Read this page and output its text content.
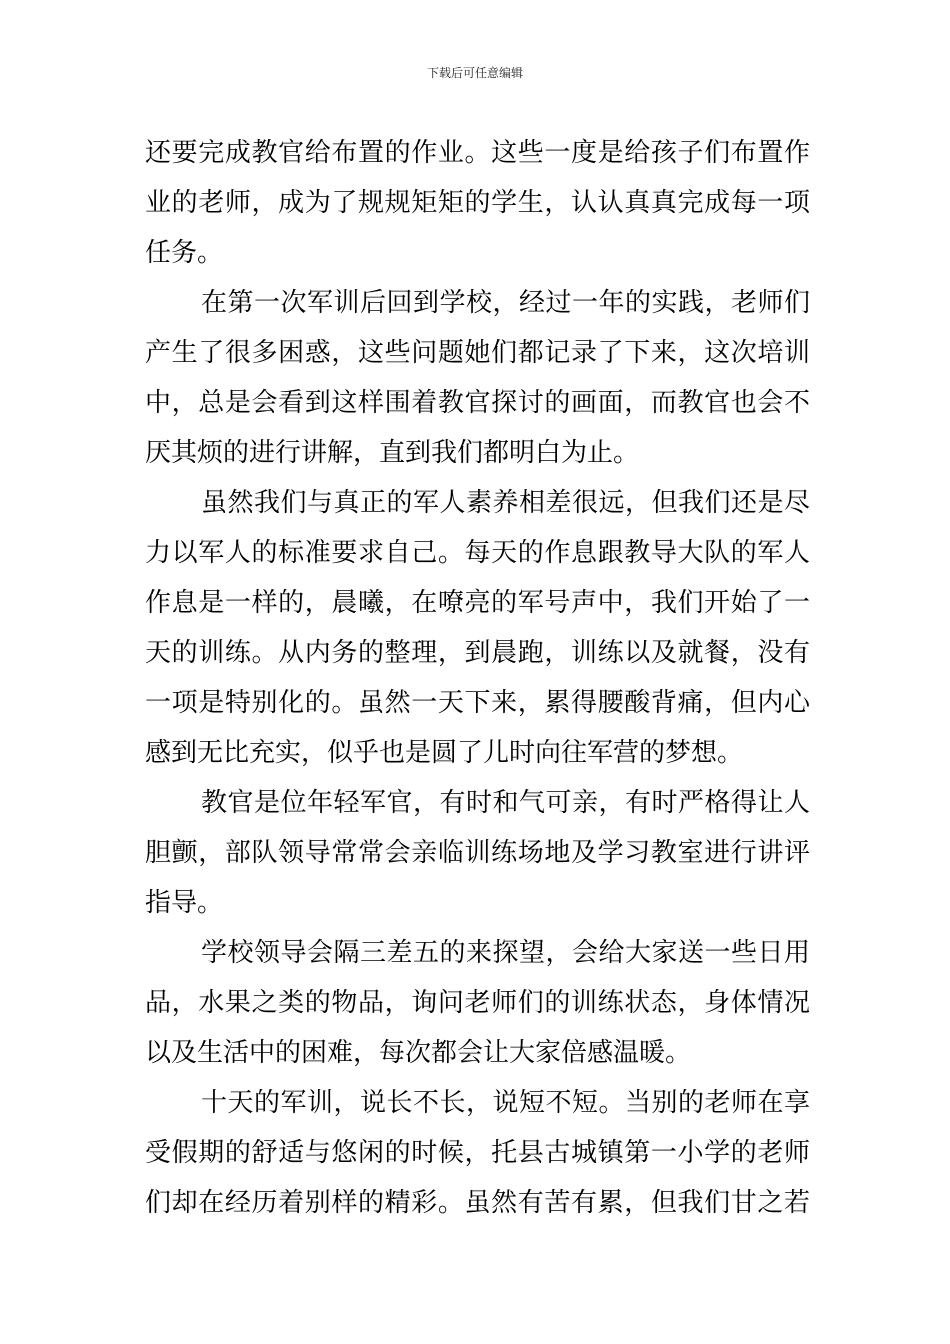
下载后可任意编辑
还要完成教官给布置的作业。这些一度是给孩子们布置作
业的老师，成为了规规矩矩的学生，认认真真完成每一项
任务。
在第一次军训后回到学校，经过一年的实践，老师们
产生了很多困惑，这些问题她们都记录了下来，这次培训
中，总是会看到这样围着教官探讨的画面，而教官也会不
厌其烦的进行讲解，直到我们都明白为止。
虽然我们与真正的军人素养相差很远，但我们还是尽
力以军人的标准要求自己。每天的作息跟教导大队的军人
作息是一样的，晨曦，在嘹亮的军号声中，我们开始了一
天的训练。从内务的整理，到晨跑，训练以及就餐，没有
一项是特别化的。虽然一天下来，累得腰酸背痛，但内心
感到无比充实，似乎也是圆了儿时向往军营的梦想。
教官是位年轻军官，有时和气可亲，有时严格得让人
胆颤，部队领导常常会亲临训练场地及学习教室进行讲评
指导。
学校领导会隔三差五的来探望，会给大家送一些日用
品，水果之类的物品，询问老师们的训练状态，身体情况
以及生活中的困难，每次都会让大家倍感温暖。
十天的军训，说长不长，说短不短。当别的老师在享
受假期的舒适与悠闲的时候，托县古城镇第一小学的老师
们却在经历着别样的精彩。虽然有苦有累，但我们甘之若
